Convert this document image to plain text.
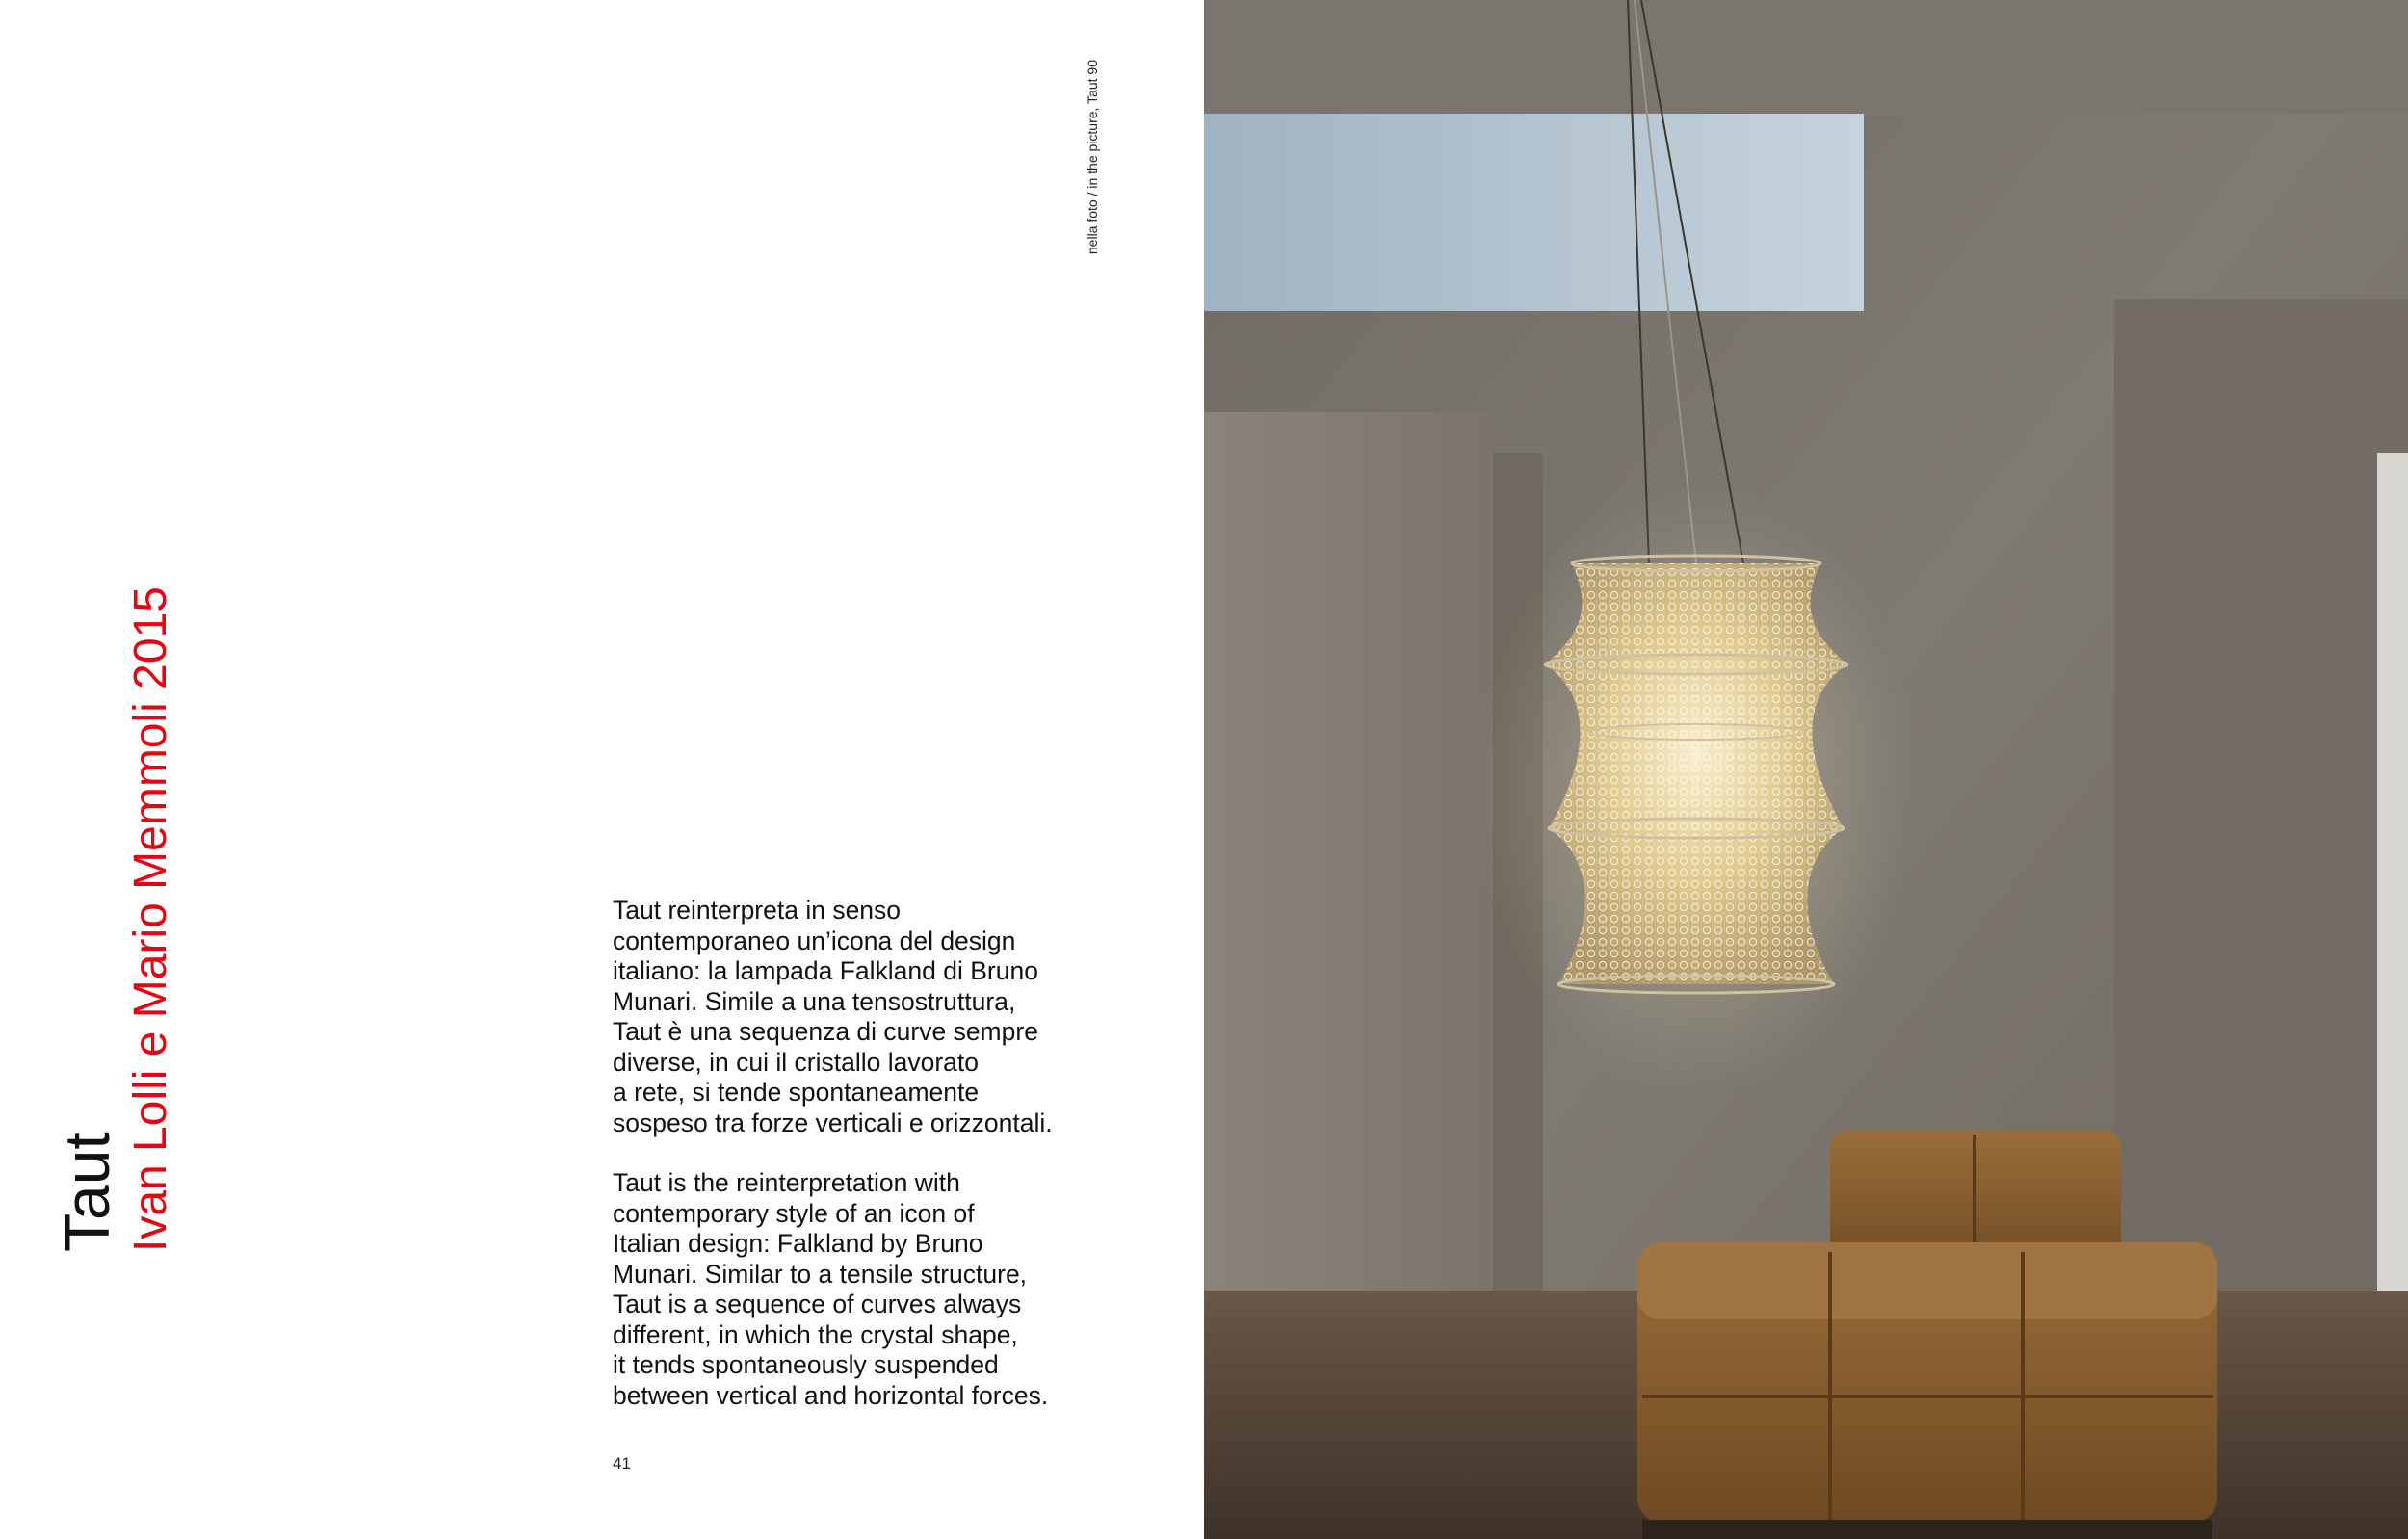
nella foto / in the picture, Taut 90
Taut Ivan Lolli e Mario Memmoli 2015	Taut reinterpreta in senso
contemporaneo un’icona del design
italiano: la lampada Falkland di Bruno
Munari. Simile a una tensostruttura,
Taut è una sequenza di curve sempre
diverse, in cui il cristallo lavorato
a rete, si tende spontaneamente
sospeso tra forze verticali e orizzontali.

Taut is the reinterpretation with
contemporary style of an icon of
Italian design: Falkland by Bruno
Munari. Similar to a tensile structure,
Taut is a sequence of curves always
different, in which the crystal shape,
it tends spontaneously suspended
between vertical and horizontal forces.

41
